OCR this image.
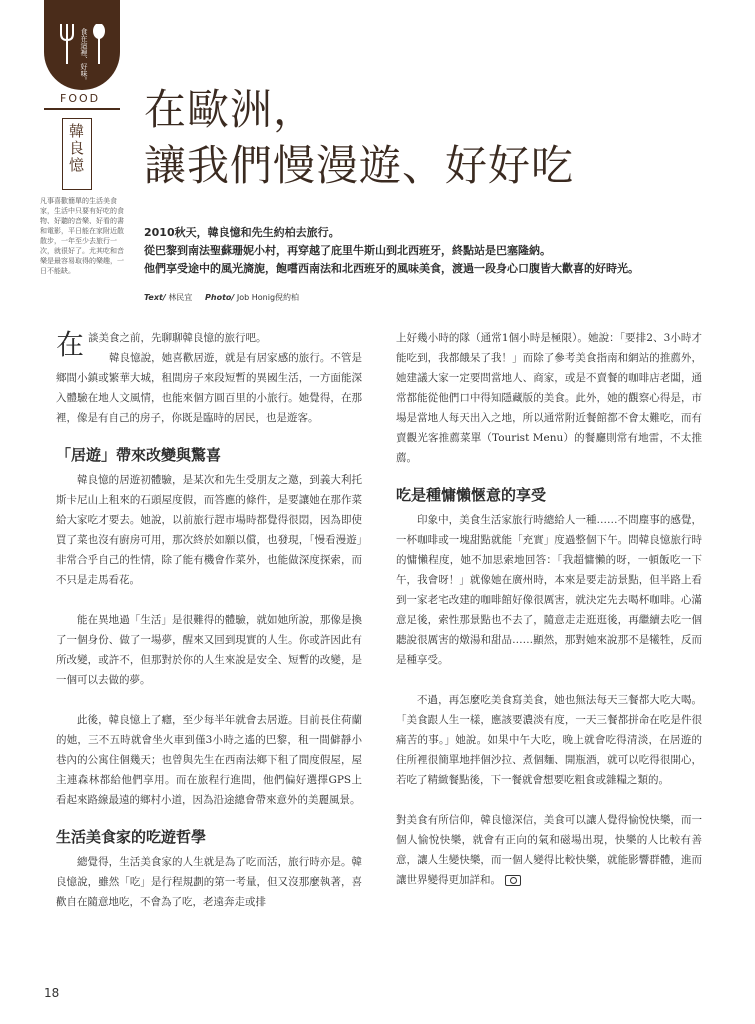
食在這裡、好味。
FOOD
韓良憶
凡事喜歡簡單的生活美食家，生活中只要有好吃的食物、好聽的音樂、好看的書和電影，平日能在家附近散散步，一年至少去旅行一次，就很好了。尤其吃和音樂是最容易取得的樂趣，一日不能缺。
在歐洲，
讓我們慢漫遊、好好吃
2010秋天，韓良憶和先生約柏去旅行。
從巴黎到南法聖蘇珊妮小村，再穿越了庇里牛斯山到北西班牙，終點站是巴塞隆納。
他們享受途中的風光旖旎，飽嚐西南法和北西班牙的風味美食，渡過一段身心口腹皆大歡喜的好時光。
Text/ 林民宜 Photo/ Job Honig倪約柏

在談美食之前，先聊聊韓良憶的旅行吧。

韓良憶說，她喜歡居遊，就是有居家感的旅行。不管是鄉間小鎮或繁華大城，租間房子來段短暫的異國生活，一方面能深入體驗在地人文風情，也能來個方圓百里的小旅行。她覺得，在那裡，像是有自己的房子，你既是臨時的居民，也是遊客。

「居遊」帶來改變與驚喜

韓良憶的居遊初體驗，是某次和先生受朋友之邀，到義大利托斯卡尼山上租來的石頭屋度假，而答應的條件，是要讓她在那作菜給大家吃才要去。她說，以前旅行趕市場時都覺得很悶，因為即使買了菜也沒有廚房可用，那次終於如願以償，也發現，「慢看漫遊」非常合乎自己的性情，除了能有機會作菜外，也能做深度探索，而不只是走馬看花。

能在異地過「生活」是很難得的體驗，就如她所說，那像是換了一個身份、做了一場夢，醒來又回到現實的人生。你或許因此有所改變，或許不，但那對於你的人生來說是安全、短暫的改變，是一個可以去做的夢。

此後，韓良憶上了癮，至少每半年就會去居遊。目前長住荷蘭的她，三不五時就會坐火車到僅3小時之遙的巴黎，租一間僻靜小巷內的公寓住個幾天；也曾與先生在西南法鄉下租了間度假屋，屋主連森林都給他們享用。而在旅程行進間，他們偏好選擇GPS上看起來路線最遠的鄉村小道，因為沿途總會帶來意外的美麗風景。

生活美食家的吃遊哲學

總覺得，生活美食家的人生就是為了吃而活，旅行時亦是。韓良憶說，雖然「吃」是行程規劃的第一考量，但又沒那麼執著，喜歡自在隨意地吃，不會為了吃，老遠奔走或排

上好幾小時的隊（通常1個小時是極限）。她說：「要排2、3小時才能吃到，我都餓呆了我！」而除了參考美食指南和網站的推薦外，她建議大家一定要問當地人、商家，或是不賣餐的咖啡店老闆，通常都能從他們口中得知隱藏版的美食。此外，她的觀察心得是，市場是當地人每天出入之地，所以通常附近餐館都不會太難吃，而有賣觀光客推薦菜單（Tourist Menu）的餐廳則常有地雷，不太推薦。

吃是種慵懶愜意的享受

印象中，美食生活家旅行時總給人一種……不問塵事的感覺，一杯咖啡或一塊甜點就能「充實」度過整個下午。問韓良憶旅行時的慵懶程度，她不加思索地回答：「我超慵懶的呀，一頓飯吃一下午，我會呀！」就像她在廣州時，本來是要走訪景點，但半路上看到一家老宅改建的咖啡館好像很厲害，就決定先去喝杯咖啡。心滿意足後，索性那景點也不去了，隨意走走逛逛後，再繼續去吃一個聽說很厲害的燉湯和甜品……顯然，那對她來說那不是犧牲，反而是種享受。

不過，再怎麼吃美食寫美食，她也無法每天三餐都大吃大喝。「美食跟人生一樣，應該要濃淡有度，一天三餐都拼命在吃是件很痛苦的事。」她說。如果中午大吃，晚上就會吃得清淡，在居遊的住所裡很簡單地拌個沙拉、煮個麵、開瓶酒，就可以吃得很開心，若吃了精緻餐點後，下一餐就會想要吃粗食或雜糧之類的。

對美食有所信仰，韓良憶深信，美食可以讓人覺得愉悅快樂，而一個人愉悅快樂，就會有正向的氣和磁場出現，快樂的人比較有善意，讓人生變快樂，而一個人變得比較快樂，就能影響群體，進而讓世界變得更加詳和。

18
